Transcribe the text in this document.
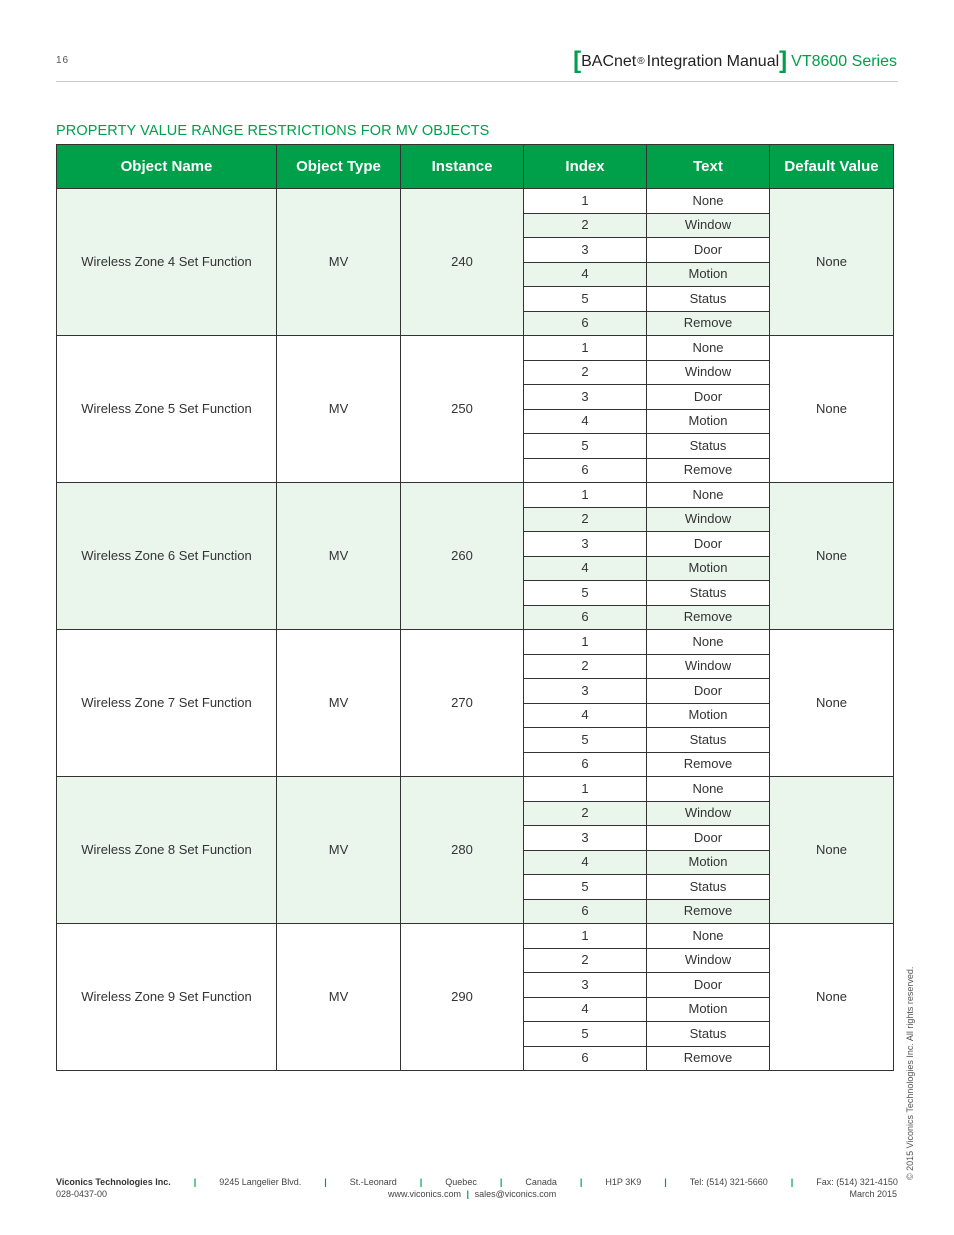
16	[ BACnet ® Integration Manual ] VT8600 Series
PROPERTY VALUE RANGE RESTRICTIONS FOR MV OBJECTS
Object Name	Object Type	Instance	Index	Text	Default Value
Wireless Zone 4 Set Function	MV	240	1	None	None
			2	Window	
			3	Door	
			4	Motion	
			5	Status	
			6	Remove	
Wireless Zone 5 Set Function	MV	250	1	None	None
			2	Window	
			3	Door	
			4	Motion	
			5	Status	
			6	Remove	
Wireless Zone 6 Set Function	MV	260	1	None	None
			2	Window	
			3	Door	
			4	Motion	
			5	Status	
			6	Remove	
Wireless Zone 7 Set Function	MV	270	1	None	None
			2	Window	
			3	Door	
			4	Motion	
			5	Status	
			6	Remove	
Wireless Zone 8 Set Function	MV	280	1	None	None
			2	Window	
			3	Door	
			4	Motion	
			5	Status	
			6	Remove	
Wireless Zone 9 Set Function	MV	290	1	None	None
			2	Window	
			3	Door	
			4	Motion	
			5	Status	
			6	Remove		© 2015 Viconics Technologies Inc. All rights reserved.
Viconics Technologies Inc.	|	9245 Langelier Blvd.	|	St.-Leonard	|	Quebec	|	Canada	|	H1P 3K9	|	Tel: (514) 321-5660	|	Fax: (514) 321-4150
028-0437-00	www.viconics.com | sales@viconics.com	March 2015
